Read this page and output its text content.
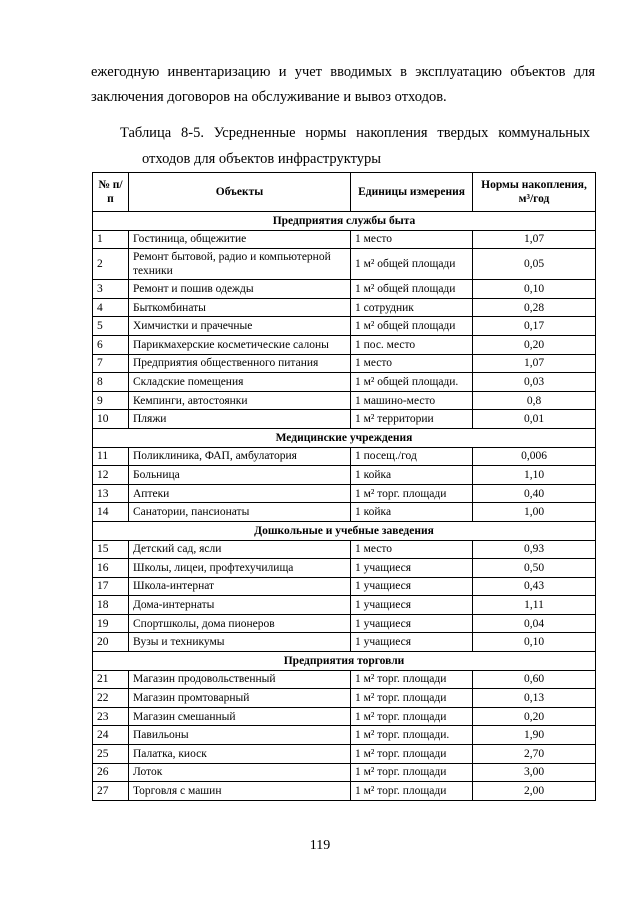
ежегодную инвентаризацию и учет вводимых в эксплуатацию объектов для
заключения договоров на обслуживание и вывоз отходов.
Таблица 8-5. Усредненные нормы накопления твердых коммунальных
отходов для объектов инфраструктуры
№ п/п	Объекты	Единицы измерения	Нормы накопления, м³/год
Предприятия службы быта			
1	Гостиница, общежитие	1 место	1,07
2	Ремонт бытовой, радио и компьютерной техники	1 м² общей площади	0,05
3	Ремонт и пошив одежды	1 м² общей площади	0,10
4	Быткомбинаты	1 сотрудник	0,28
5	Химчистки и прачечные	1 м² общей площади	0,17
6	Парикмахерские косметические салоны	1 пос. место	0,20
7	Предприятия общественного питания	1 место	1,07
8	Складские помещения	1 м² общей площади.	0,03
9	Кемпинги, автостоянки	1 машино-место	0,8
10	Пляжи	1 м² территории	0,01
Медицинские учреждения			
11	Поликлиника, ФАП, амбулатория	1 посещ./год	0,006
12	Больница	1 койка	1,10
13	Аптеки	1 м² торг. площади	0,40
14	Санатории, пансионаты	1 койка	1,00
Дошкольные и учебные заведения			
15	Детский сад, ясли	1 место	0,93
16	Школы, лицеи, профтехучилища	1 учащиеся	0,50
17	Школа-интернат	1 учащиеся	0,43
18	Дома-интернаты	1 учащиеся	1,11
19	Спортшколы, дома пионеров	1 учащиеся	0,04
20	Вузы и техникумы	1 учащиеся	0,10
Предприятия торговли			
21	Магазин продовольственный	1 м² торг. площади	0,60
22	Магазин промтоварный	1 м² торг. площади	0,13
23	Магазин смешанный	1 м² торг. площади	0,20
24	Павильоны	1 м² торг. площади.	1,90
25	Палатка, киоск	1 м² торг. площади	2,70
26	Лоток	1 м² торг. площади	3,00
27	Торговля с машин	1 м² торг. площади	2,00
119
